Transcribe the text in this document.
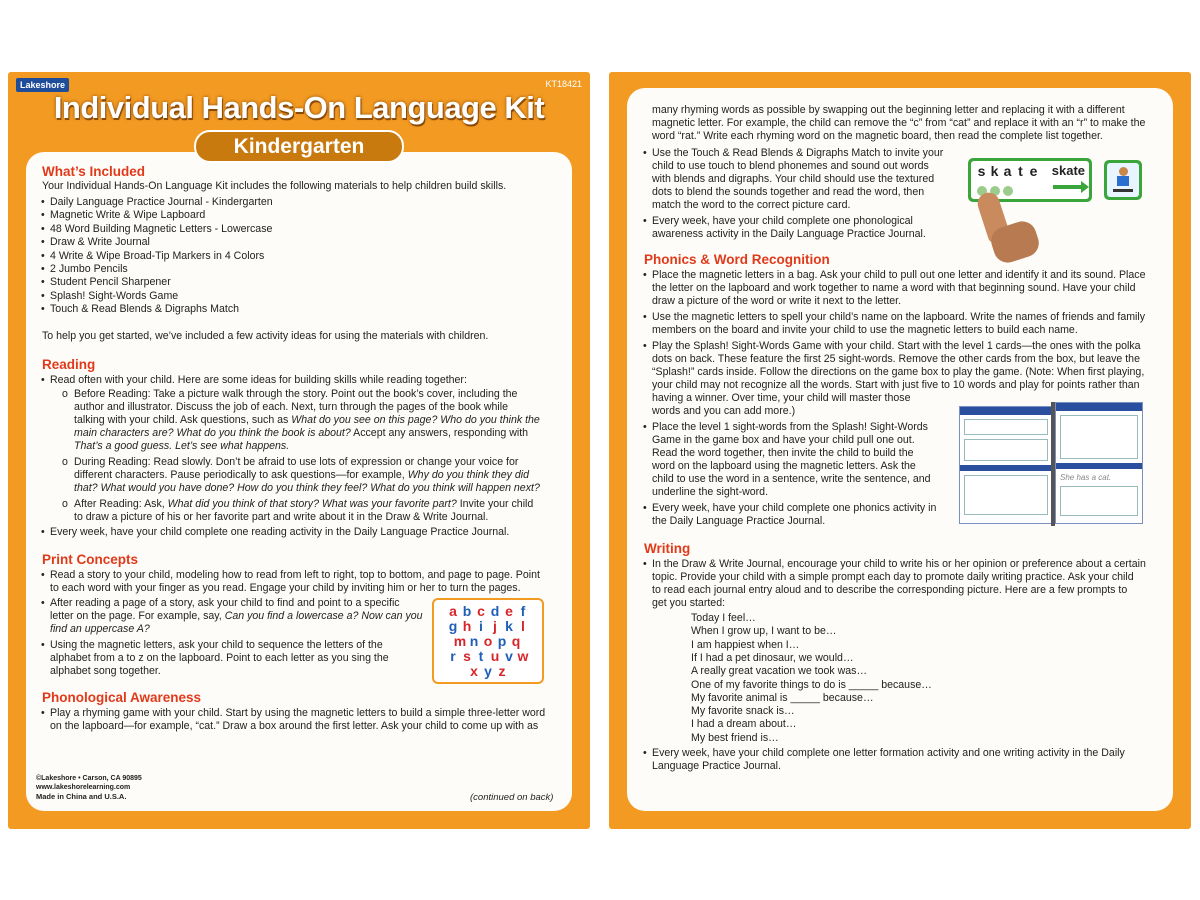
Lakeshore	KT18421
Individual Hands-On Language Kit
Kindergarten
What’s Included
Your Individual Hands-On Language Kit includes the following materials to help children build skills.
• Daily Language Practice Journal - Kindergarten
• Magnetic Write & Wipe Lapboard
• 48 Word Building Magnetic Letters - Lowercase
• Draw & Write Journal
• 4 Write & Wipe Broad-Tip Markers in 4 Colors
• 2 Jumbo Pencils
• Student Pencil Sharpener
• Splash! Sight-Words Game
• Touch & Read Blends & Digraphs Match
To help you get started, we’ve included a few activity ideas for using the materials with children.
Reading
• Read often with your child. Here are some ideas for building skills while reading together:
o Before Reading: Take a picture walk through the story. Point out the book’s cover, including the
author and illustrator. Discuss the job of each. Next, turn through the pages of the book while
talking with your child. Ask questions, such as What do you see on this page? Who do you think the
main characters are? What do you think the book is about? Accept any answers, responding with
That’s a good guess. Let’s see what happens.
o During Reading: Read slowly. Don’t be afraid to use lots of expression or change your voice for
different characters. Pause periodically to ask questions—for example, Why do you think they did
that? What would you have done? How do you think they feel? What do you think will happen next?
o After Reading: Ask, What did you think of that story? What was your favorite part? Invite your child
to draw a picture of his or her favorite part and write about it in the Draw & Write Journal.
• Every week, have your child complete one reading activity in the Daily Language Practice Journal.
Print Concepts
• Read a story to your child, modeling how to read from left to right, top to bottom, and page to page. Point
to each word with your finger as you read. Engage your child by inviting him or her to turn the pages.
• After reading a page of a story, ask your child to find and point to a specific
letter on the page. For example, say, Can you find a lowercase a? Now can you
find an uppercase A?
• Using the magnetic letters, ask your child to sequence the letters of the
alphabet from a to z on the lapboard. Point to each letter as you sing the
alphabet song together.
a b c d e f
g h i j k l
m n o p q
r s t u v w
x y z
Phonological Awareness
• Play a rhyming game with your child. Start by using the magnetic letters to build a simple three-letter word
on the lapboard—for example, “cat.” Draw a box around the first letter. Ask your child to come up with as
©Lakeshore • Carson, CA 90895
www.lakeshorelearning.com
Made in China and U.S.A.	(continued on back)
many rhyming words as possible by swapping out the beginning letter and replacing it with a different
magnetic letter. For example, the child can remove the “c” from “cat” and replace it with an “r” to make the
word “rat.” Write each rhyming word on the magnetic board, then read the complete list together.
• Use the Touch & Read Blends & Digraphs Match to invite your
child to use touch to blend phonemes and sound out words
with blends and digraphs. Your child should use the textured
dots to blend the sounds together and read the word, then
match the word to the correct picture card.
• Every week, have your child complete one phonological
awareness activity in the Daily Language Practice Journal.
s k a t e	skate
Phonics & Word Recognition
• Place the magnetic letters in a bag. Ask your child to pull out one letter and identify it and its sound. Place
the letter on the lapboard and work together to name a word with that beginning sound. Have your child
draw a picture of the word or write it next to the letter.
• Use the magnetic letters to spell your child’s name on the lapboard. Write the names of friends and family
members on the board and invite your child to use the magnetic letters to build each name.
• Play the Splash! Sight-Words Game with your child. Start with the level 1 cards—the ones with the polka
dots on back. These feature the first 25 sight-words. Remove the other cards from the box, but leave the
“Splash!” cards inside. Follow the directions on the game box to play the game. (Note: When first playing,
your child may not recognize all the words. Start with just five to 10 words and play for points rather than
having a winner. Over time, your child will master those
words and you can add more.)
• Place the level 1 sight-words from the Splash! Sight-Words
Game in the game box and have your child pull one out.
Read the word together, then invite the child to build the
word on the lapboard using the magnetic letters. Ask the
child to use the word in a sentence, write the sentence, and
underline the sight-word.
• Every week, have your child complete one phonics activity in
the Daily Language Practice Journal.
She has a cat.
Writing
• In the Draw & Write Journal, encourage your child to write his or her opinion or preference about a certain
topic. Provide your child with a simple prompt each day to promote daily writing practice. Ask your child
to read each journal entry aloud and to describe the corresponding picture. Here are a few prompts to
get you started:
Today I feel…
When I grow up, I want to be…
I am happiest when I…
If I had a pet dinosaur, we would…
A really great vacation we took was…
One of my favorite things to do is _____ because…
My favorite animal is _____ because…
My favorite snack is…
I had a dream about…
My best friend is…
• Every week, have your child complete one letter formation activity and one writing activity in the Daily
Language Practice Journal.
